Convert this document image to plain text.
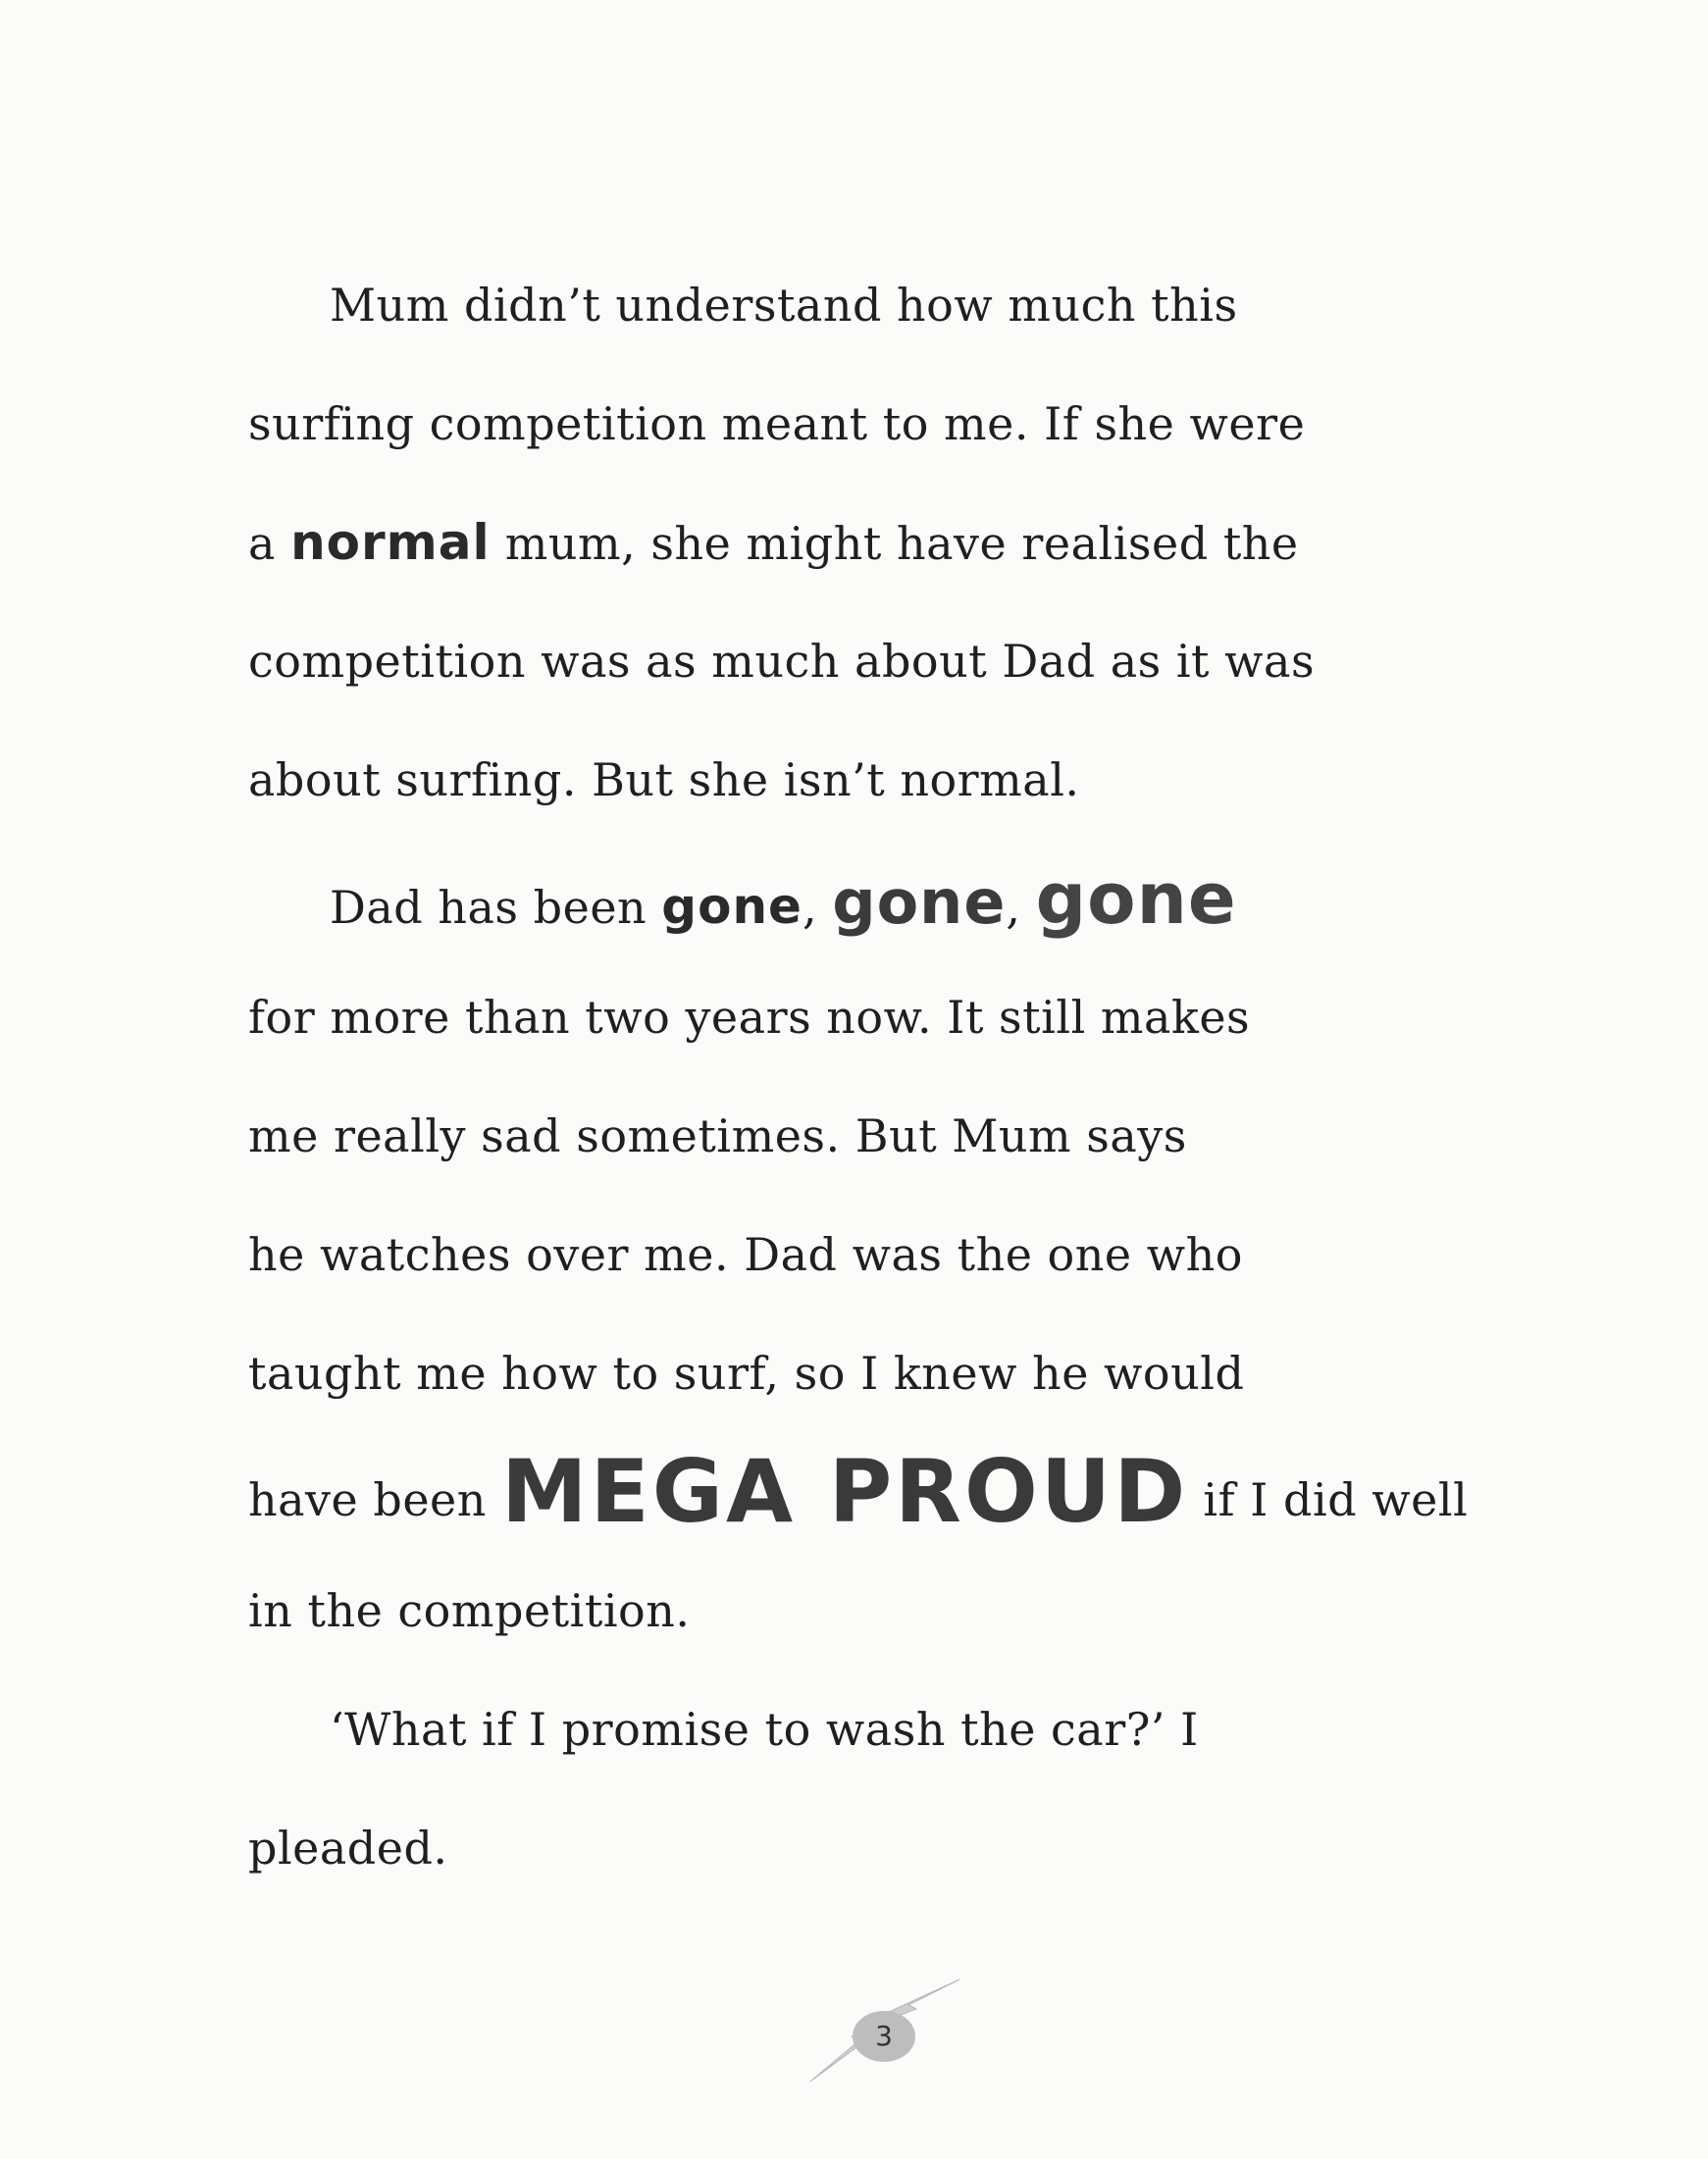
Mum didn’t understand how much this
surfing competition meant to me. If she were
a normal mum, she might have realised the
competition was as much about Dad as it was
about surfing. But she isn’t normal.
Dad has been gone, gone, gone
for more than two years now. It still makes
me really sad sometimes. But Mum says
he watches over me. Dad was the one who
taught me how to surf, so I knew he would
have been MEGA PROUD if I did well
in the competition.
‘What if I promise to wash the car?’ I
pleaded.
3
